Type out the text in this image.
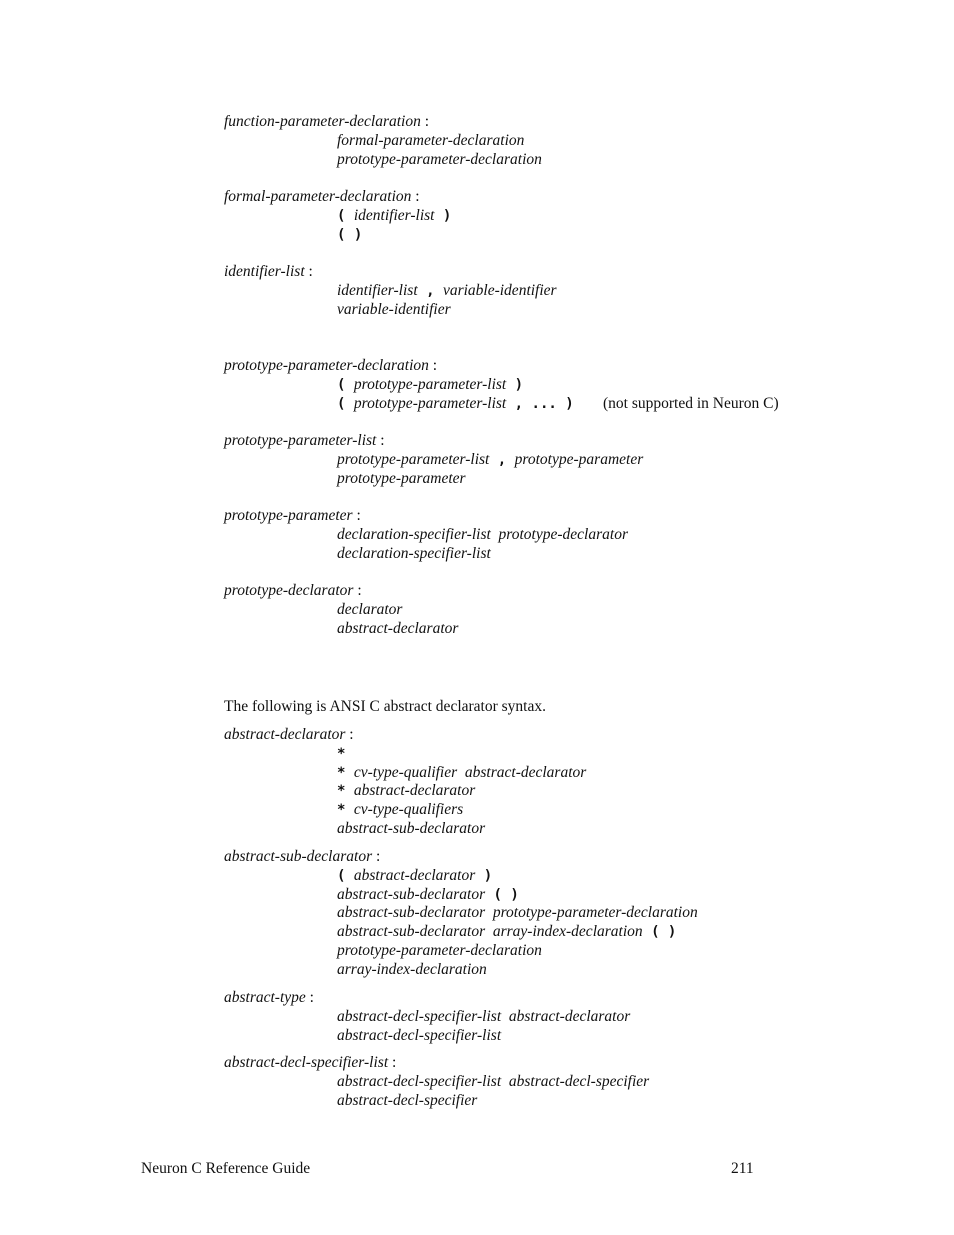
function-parameter-declaration :
formal-parameter-declaration
prototype-parameter-declaration
formal-parameter-declaration :
( identifier-list )
( )
identifier-list :
identifier-list , variable-identifier
variable-identifier
prototype-parameter-declaration :
( prototype-parameter-list )
( prototype-parameter-list , ... ) (not supported in Neuron C)
prototype-parameter-list :
prototype-parameter-list , prototype-parameter
prototype-parameter
prototype-parameter :
declaration-specifier-list  prototype-declarator
declaration-specifier-list
prototype-declarator :
declarator
abstract-declarator
abstract-declarator :
*
* cv-type-qualifier  abstract-declarator
* abstract-declarator
* cv-type-qualifiers
abstract-sub-declarator
abstract-sub-declarator :
( abstract-declarator )
abstract-sub-declarator ( )
abstract-sub-declarator  prototype-parameter-declaration
abstract-sub-declarator  array-index-declaration ( )
prototype-parameter-declaration
array-index-declaration
abstract-type :
abstract-decl-specifier-list  abstract-declarator
abstract-decl-specifier-list
abstract-decl-specifier-list :
abstract-decl-specifier-list  abstract-decl-specifier
abstract-decl-specifier

The following is ANSI C abstract declarator syntax.

Neuron C Reference Guide	211
